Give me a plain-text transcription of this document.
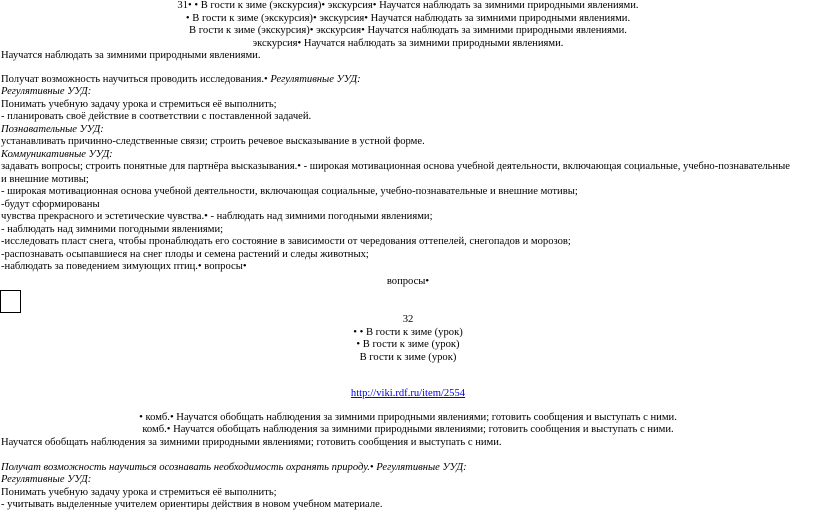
31• • В гости к зиме (экскурсия)• экскурсия• Научатся наблюдать за зимними природными явлениями.
• В гости к зиме (экскурсия)• экскурсия• Научатся наблюдать за зимними природными явлениями.
В гости к зиме (экскурсия)• экскурсия• Научатся наблюдать за зимними природными явлениями.
экскурсия• Научатся наблюдать за зимними природными явлениями.
Научатся наблюдать за зимними природными явлениями.
Получат возможность научиться проводить исследования.• Регулятивные УУД:
Регулятивные УУД:
Понимать учебную задачу урока и стремиться её выполнить;
- планировать своё действие в соответствии с поставленной задачей.
Познавательные УУД:
устанавливать причинно-следственные связи; строить речевое высказывание в устной форме.
Коммуникативные УУД:
задавать вопросы; строить понятные для партнёра высказывания.• - широкая мотивационная основа учебной деятельности, включающая социальные, учебно-познавательные
и внешние мотивы;
- широкая мотивационная основа учебной деятельности, включающая социальные, учебно-познавательные и внешние мотивы;
-будут сформированы
чувства прекрасного и эстетические чувства.• - наблюдать над зимними погодными явлениями;
- наблюдать над зимними погодными явлениями;
-исследовать пласт снега, чтобы пронаблюдать его состояние в зависимости от чередования оттепелей, снегопадов и морозов;
-распознавать осыпавшиеся на снег плоды и семена растений и следы животных;
-наблюдать за поведением зимующих птиц.• вопросы•
вопросы•
32
• • В гости к зиме (урок)
• В гости к зиме (урок)
В гости к зиме (урок)
http://viki.rdf.ru/item/2554
• комб.• Научатся обобщать наблюдения за зимними природными явлениями; готовить сообщения и выступать с ними.
комб.• Научатся обобщать наблюдения за зимними природными явлениями; готовить сообщения и выступать с ними.
Научатся обобщать наблюдения за зимними природными явлениями; готовить сообщения и выступать с ними.
Получат возможность научиться осознавать необходимость охранять природу.• Регулятивные УУД:
Регулятивные УУД:
Понимать учебную задачу урока и стремиться её выполнить;
- учитывать выделенные учителем ориентиры действия в новом учебном материале.
